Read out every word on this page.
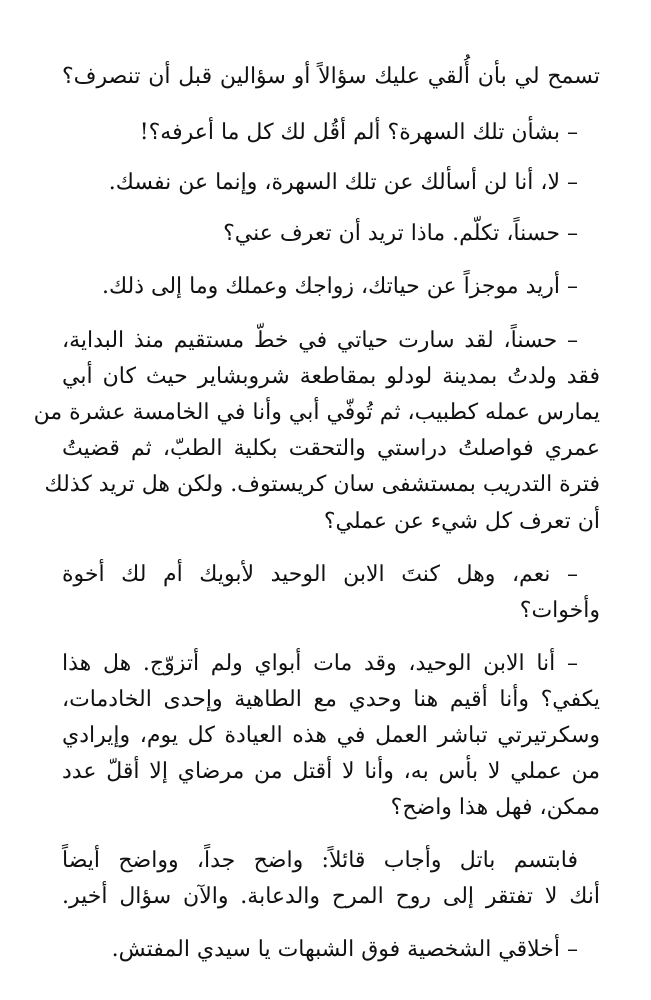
تسمح لي بأن أُلقي عليك سؤالاً أو سؤالين قبل أن تنصرف؟
– بشأن تلك السهرة؟ ألم أقُل لك كل ما أعرفه؟!
– لا، أنا لن أسألك عن تلك السهرة، وإنما عن نفسك.
– حسناً، تكلّم. ماذا تريد أن تعرف عني؟
– أريد موجزاً عن حياتك، زواجك وعملك وما إلى ذلك.
– حسناً، لقد سارت حياتي في خطّ مستقيم منذ البداية،
فقد ولدتُ بمدينة لودلو بمقاطعة شروبشاير حيث كان أبي
يمارس عمله كطبيب، ثم تُوفّي أبي وأنا في الخامسة عشرة من
عمري فواصلتُ دراستي والتحقت بكلية الطبّ، ثم قضيتُ
فترة التدريب بمستشفى سان كريستوف. ولكن هل تريد كذلك
أن تعرف كل شيء عن عملي؟
– نعم، وهل كنتَ الابن الوحيد لأبويك أم لك أخوة
وأخوات؟
– أنا الابن الوحيد، وقد مات أبواي ولم أتزوّج. هل هذا
يكفي؟ وأنا أقيم هنا وحدي مع الطاهية وإحدى الخادمات،
وسكرتيرتي تباشر العمل في هذه العيادة كل يوم، وإيرادي
من عملي لا بأس به، وأنا لا أقتل من مرضاي إلا أقلّ عدد
ممكن، فهل هذا واضح؟
فابتسم باتل وأجاب قائلاً: واضح جداً، وواضح أيضاً
أنك لا تفتقر إلى روح المرح والدعابة. والآن سؤال أخير.
– أخلاقي الشخصية فوق الشبهات يا سيدي المفتش.
